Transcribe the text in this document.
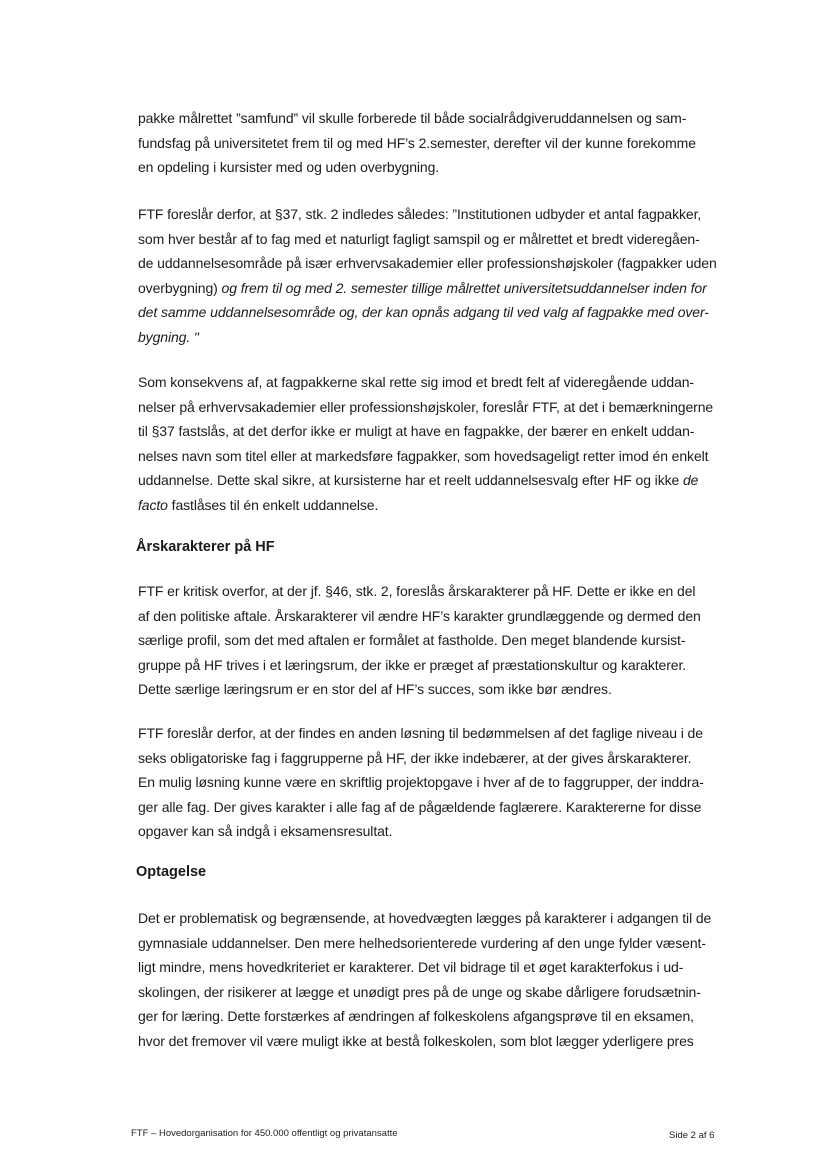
pakke målrettet ”samfund” vil skulle forberede til både socialrådgiveruddannelsen og sam-
fundsfag på universitetet frem til og med HF’s 2.semester, derefter vil der kunne forekomme
en opdeling i kursister med og uden overbygning.

FTF foreslår derfor, at §37, stk. 2 indledes således: ”Institutionen udbyder et antal fagpakker,
som hver består af to fag med et naturligt fagligt samspil og er målrettet et bredt videregåen-
de uddannelsesområde på især erhvervsakademier eller professionshøjskoler (fagpakker uden
overbygning) og frem til og med 2. semester tillige målrettet universitetsuddannelser inden for
det samme uddannelsesområde og, der kan opnås adgang til ved valg af fagpakke med over-
bygning. "

Som konsekvens af, at fagpakkerne skal rette sig imod et bredt felt af videregående uddan-
nelser på erhvervsakademier eller professionshøjskoler, foreslår FTF, at det i bemærkningerne
til §37 fastslås, at det derfor ikke er muligt at have en fagpakke, der bærer en enkelt uddan-
nelses navn som titel eller at markedsføre fagpakker, som hovedsageligt retter imod én enkelt
uddannelse. Dette skal sikre, at kursisterne har et reelt uddannelsesvalg efter HF og ikke de
facto fastlåses til én enkelt uddannelse.

Årskarakterer på HF

FTF er kritisk overfor, at der jf. §46, stk. 2, foreslås årskarakterer på HF. Dette er ikke en del
af den politiske aftale. Årskarakterer vil ændre HF’s karakter grundlæggende og dermed den
særlige profil, som det med aftalen er formålet at fastholde. Den meget blandende kursist-
gruppe på HF trives i et læringsrum, der ikke er præget af præstationskultur og karakterer.
Dette særlige læringsrum er en stor del af HF’s succes, som ikke bør ændres.

FTF foreslår derfor, at der findes en anden løsning til bedømmelsen af det faglige niveau i de
seks obligatoriske fag i faggrupperne på HF, der ikke indebærer, at der gives årskarakterer.
En mulig løsning kunne være en skriftlig projektopgave i hver af de to faggrupper, der inddra-
ger alle fag. Der gives karakter i alle fag af de pågældende faglærere. Karaktererne for disse
opgaver kan så indgå i eksamensresultat.

Optagelse

Det er problematisk og begrænsende, at hovedvægten lægges på karakterer i adgangen til de
gymnasiale uddannelser. Den mere helhedsorienterede vurdering af den unge fylder væsent-
ligt mindre, mens hovedkriteriet er karakterer. Det vil bidrage til et øget karakterfokus i ud-
skolingen, der risikerer at lægge et unødigt pres på de unge og skabe dårligere forudsætnin-
ger for læring. Dette forstærkes af ændringen af folkeskolens afgangsprøve til en eksamen,
hvor det fremover vil være muligt ikke at bestå folkeskolen, som blot lægger yderligere pres

FTF – Hovedorganisation for 450.000 offentligt og privatansatte	Side 2 af 6
